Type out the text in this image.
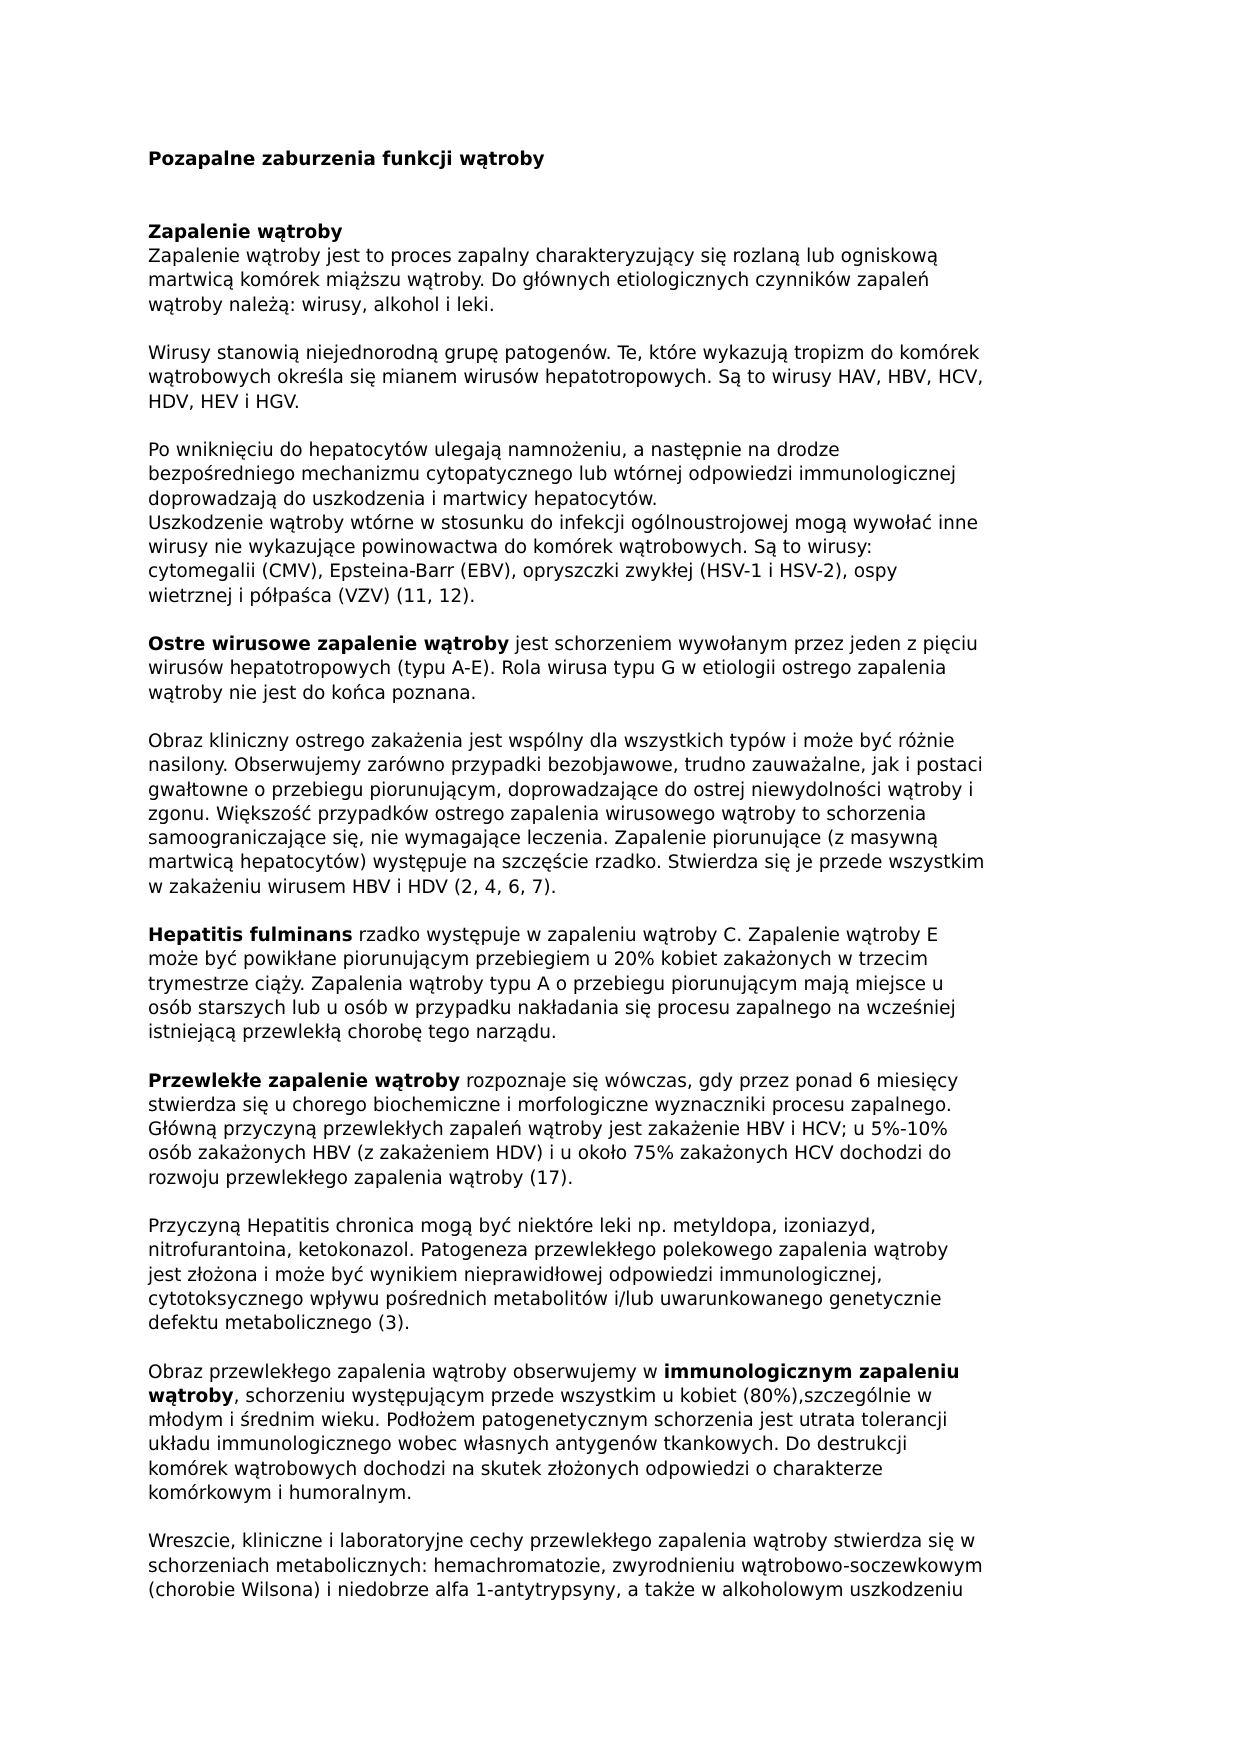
Pozapalne zaburzenia funkcji wątroby
Zapalenie wątroby
Zapalenie wątroby jest to proces zapalny charakteryzujący się rozlaną lub ogniskową
martwicą komórek miąższu wątroby. Do głównych etiologicznych czynników zapaleń
wątroby należą: wirusy, alkohol i leki.
Wirusy stanowią niejednorodną grupę patogenów. Te, które wykazują tropizm do komórek
wątrobowych określa się mianem wirusów hepatotropowych. Są to wirusy HAV, HBV, HCV,
HDV, HEV i HGV.
Po wniknięciu do hepatocytów ulegają namnożeniu, a następnie na drodze
bezpośredniego mechanizmu cytopatycznego lub wtórnej odpowiedzi immunologicznej
doprowadzają do uszkodzenia i martwicy hepatocytów.
Uszkodzenie wątroby wtórne w stosunku do infekcji ogólnoustrojowej mogą wywołać inne
wirusy nie wykazujące powinowactwa do komórek wątrobowych. Są to wirusy:
cytomegalii (CMV), Epsteina-Barr (EBV), opryszczki zwykłej (HSV-1 i HSV-2), ospy
wietrznej i półpaśca (VZV) (11, 12).
Ostre wirusowe zapalenie wątroby jest schorzeniem wywołanym przez jeden z pięciu
wirusów hepatotropowych (typu A-E). Rola wirusa typu G w etiologii ostrego zapalenia
wątroby nie jest do końca poznana.
Obraz kliniczny ostrego zakażenia jest wspólny dla wszystkich typów i może być różnie
nasilony. Obserwujemy zarówno przypadki bezobjawowe, trudno zauważalne, jak i postaci
gwałtowne o przebiegu piorunującym, doprowadzające do ostrej niewydolności wątroby i
zgonu. Większość przypadków ostrego zapalenia wirusowego wątroby to schorzenia
samoograniczające się, nie wymagające leczenia. Zapalenie piorunujące (z masywną
martwicą hepatocytów) występuje na szczęście rzadko. Stwierdza się je przede wszystkim
w zakażeniu wirusem HBV i HDV (2, 4, 6, 7).
Hepatitis fulminans rzadko występuje w zapaleniu wątroby C. Zapalenie wątroby E
może być powikłane piorunującym przebiegiem u 20% kobiet zakażonych w trzecim
trymestrze ciąży. Zapalenia wątroby typu A o przebiegu piorunującym mają miejsce u
osób starszych lub u osób w przypadku nakładania się procesu zapalnego na wcześniej
istniejącą przewlekłą chorobę tego narządu.
Przewlekłe zapalenie wątroby rozpoznaje się wówczas, gdy przez ponad 6 miesięcy
stwierdza się u chorego biochemiczne i morfologiczne wyznaczniki procesu zapalnego.
Główną przyczyną przewlekłych zapaleń wątroby jest zakażenie HBV i HCV; u 5%-10%
osób zakażonych HBV (z zakażeniem HDV) i u około 75% zakażonych HCV dochodzi do
rozwoju przewlekłego zapalenia wątroby (17).
Przyczyną Hepatitis chronica mogą być niektóre leki np. metyldopa, izoniazyd,
nitrofurantoina, ketokonazol. Patogeneza przewlekłego polekowego zapalenia wątroby
jest złożona i może być wynikiem nieprawidłowej odpowiedzi immunologicznej,
cytotoksycznego wpływu pośrednich metabolitów i/lub uwarunkowanego genetycznie
defektu metabolicznego (3).
Obraz przewlekłego zapalenia wątroby obserwujemy w immunologicznym zapaleniu
wątroby, schorzeniu występującym przede wszystkim u kobiet (80%),szczególnie w
młodym i średnim wieku. Podłożem patogenetycznym schorzenia jest utrata tolerancji
układu immunologicznego wobec własnych antygenów tkankowych. Do destrukcji
komórek wątrobowych dochodzi na skutek złożonych odpowiedzi o charakterze
komórkowym i humoralnym.
Wreszcie, kliniczne i laboratoryjne cechy przewlekłego zapalenia wątroby stwierdza się w
schorzeniach metabolicznych: hemachromatozie, zwyrodnieniu wątrobowo-soczewkowym
(chorobie Wilsona) i niedobrze alfa 1-antytrypsyny, a także w alkoholowym uszkodzeniu
